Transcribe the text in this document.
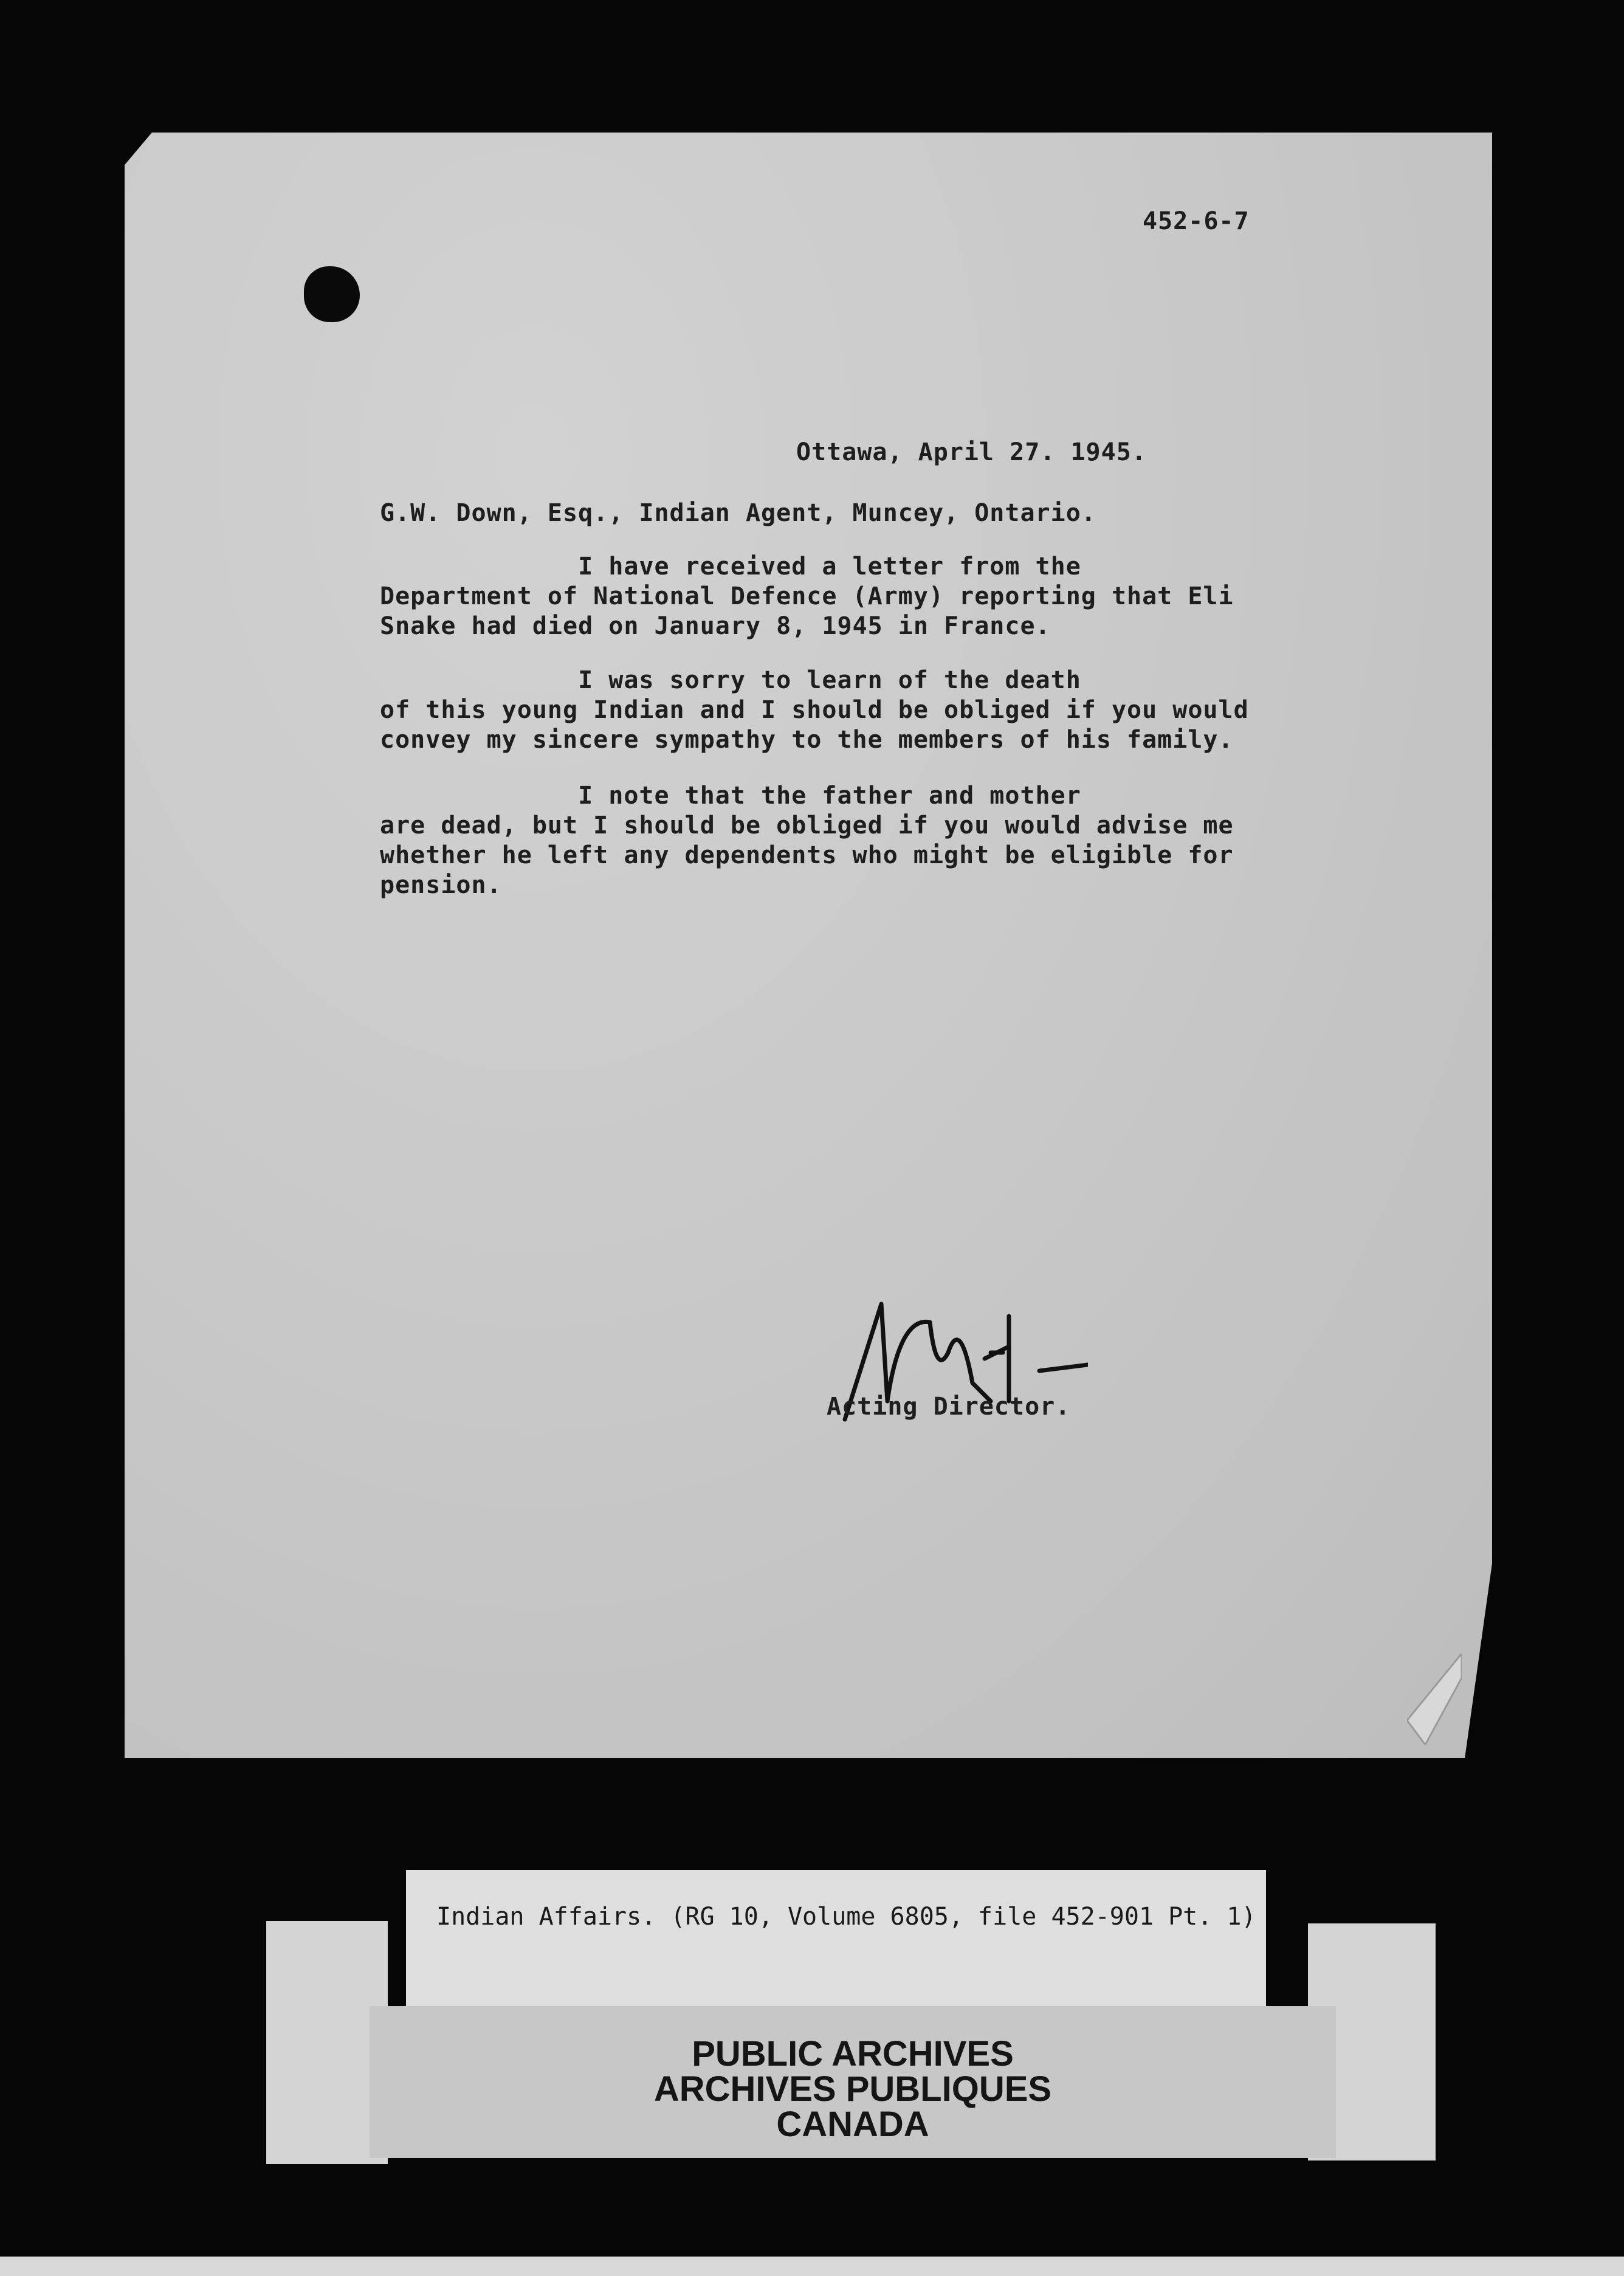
452-6-7
Ottawa, April 27. 1945.
G.W. Down, Esq., Indian Agent, Muncey, Ontario.
I have received a letter from the
Department of National Defence (Army) reporting that Eli
Snake had died on January 8, 1945 in France.
I was sorry to learn of the death
of this young Indian and I should be obliged if you would
convey my sincere sympathy to the members of his family.
I note that the father and mother
are dead, but I should be obliged if you would advise me
whether he left any dependents who might be eligible for
pension.
Acting Director.
Indian Affairs. (RG 10, Volume 6805, file 452-901 Pt. 1)
PUBLIC ARCHIVES
ARCHIVES PUBLIQUES
CANADA
